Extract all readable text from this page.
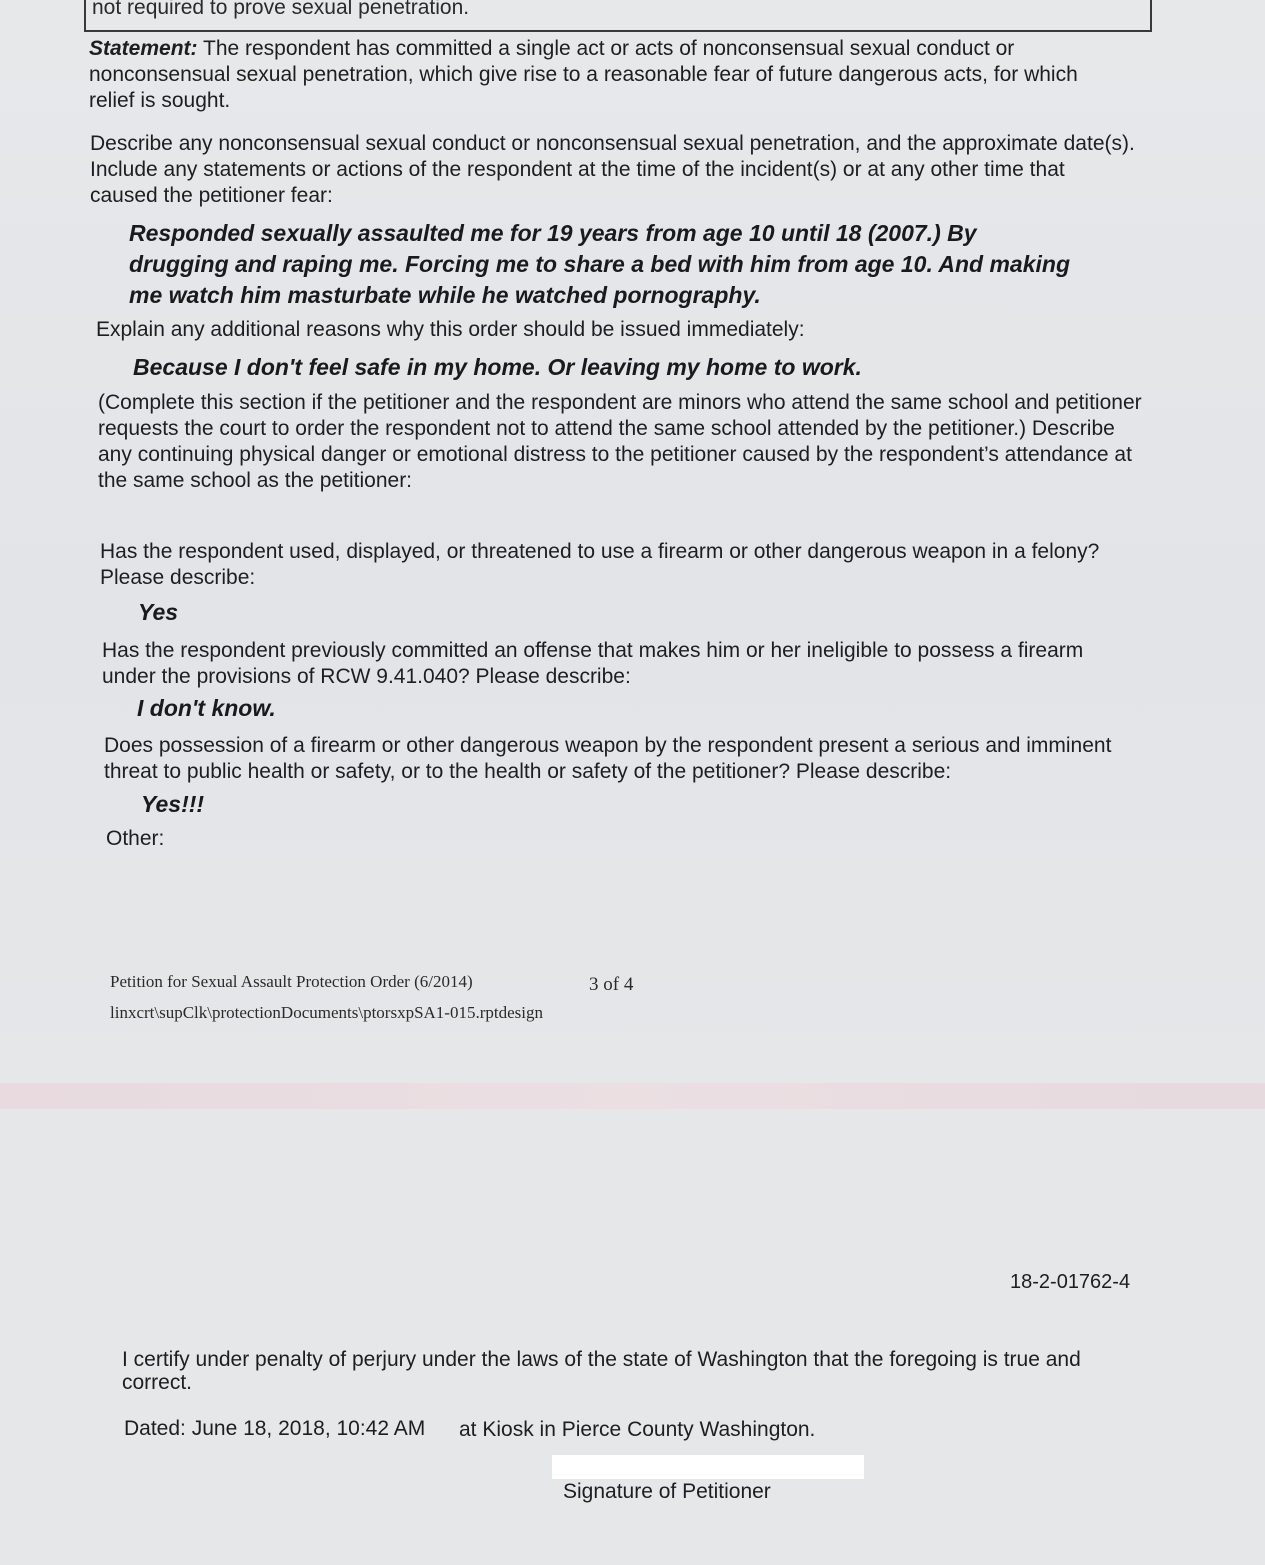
not required to prove sexual penetration.
Statement: The respondent has committed a single act or acts of nonconsensual sexual conduct or nonconsensual sexual penetration, which give rise to a reasonable fear of future dangerous acts, for which relief is sought.
Describe any nonconsensual sexual conduct or nonconsensual sexual penetration, and the approximate date(s). Include any statements or actions of the respondent at the time of the incident(s) or at any other time that caused the petitioner fear:
Responded sexually assaulted me for 19 years from age 10 until 18 (2007.) By drugging and raping me. Forcing me to share a bed with him from age 10. And making me watch him masturbate while he watched pornography.
Explain any additional reasons why this order should be issued immediately:
Because I don't feel safe in my home. Or leaving my home to work.
(Complete this section if the petitioner and the respondent are minors who attend the same school and petitioner requests the court to order the respondent not to attend the same school attended by the petitioner.) Describe any continuing physical danger or emotional distress to the petitioner caused by the respondent’s attendance at the same school as the petitioner:
Has the respondent used, displayed, or threatened to use a firearm or other dangerous weapon in a felony? Please describe:
Yes
Has the respondent previously committed an offense that makes him or her ineligible to possess a firearm under the provisions of RCW 9.41.040? Please describe:
I don't know.
Does possession of a firearm or other dangerous weapon by the respondent present a serious and imminent threat to public health or safety, or to the health or safety of the petitioner? Please describe:
Yes!!!
Other:
Petition for Sexual Assault Protection Order (6/2014)	3 of 4
linxcrt\supClk\protectionDocuments\ptorsxpSA1-015.rptdesign
18-2-01762-4
I certify under penalty of perjury under the laws of the state of Washington that the foregoing is true and correct.
Dated: June 18, 2018, 10:42 AM at Kiosk in Pierce County Washington.
Signature of Petitioner
